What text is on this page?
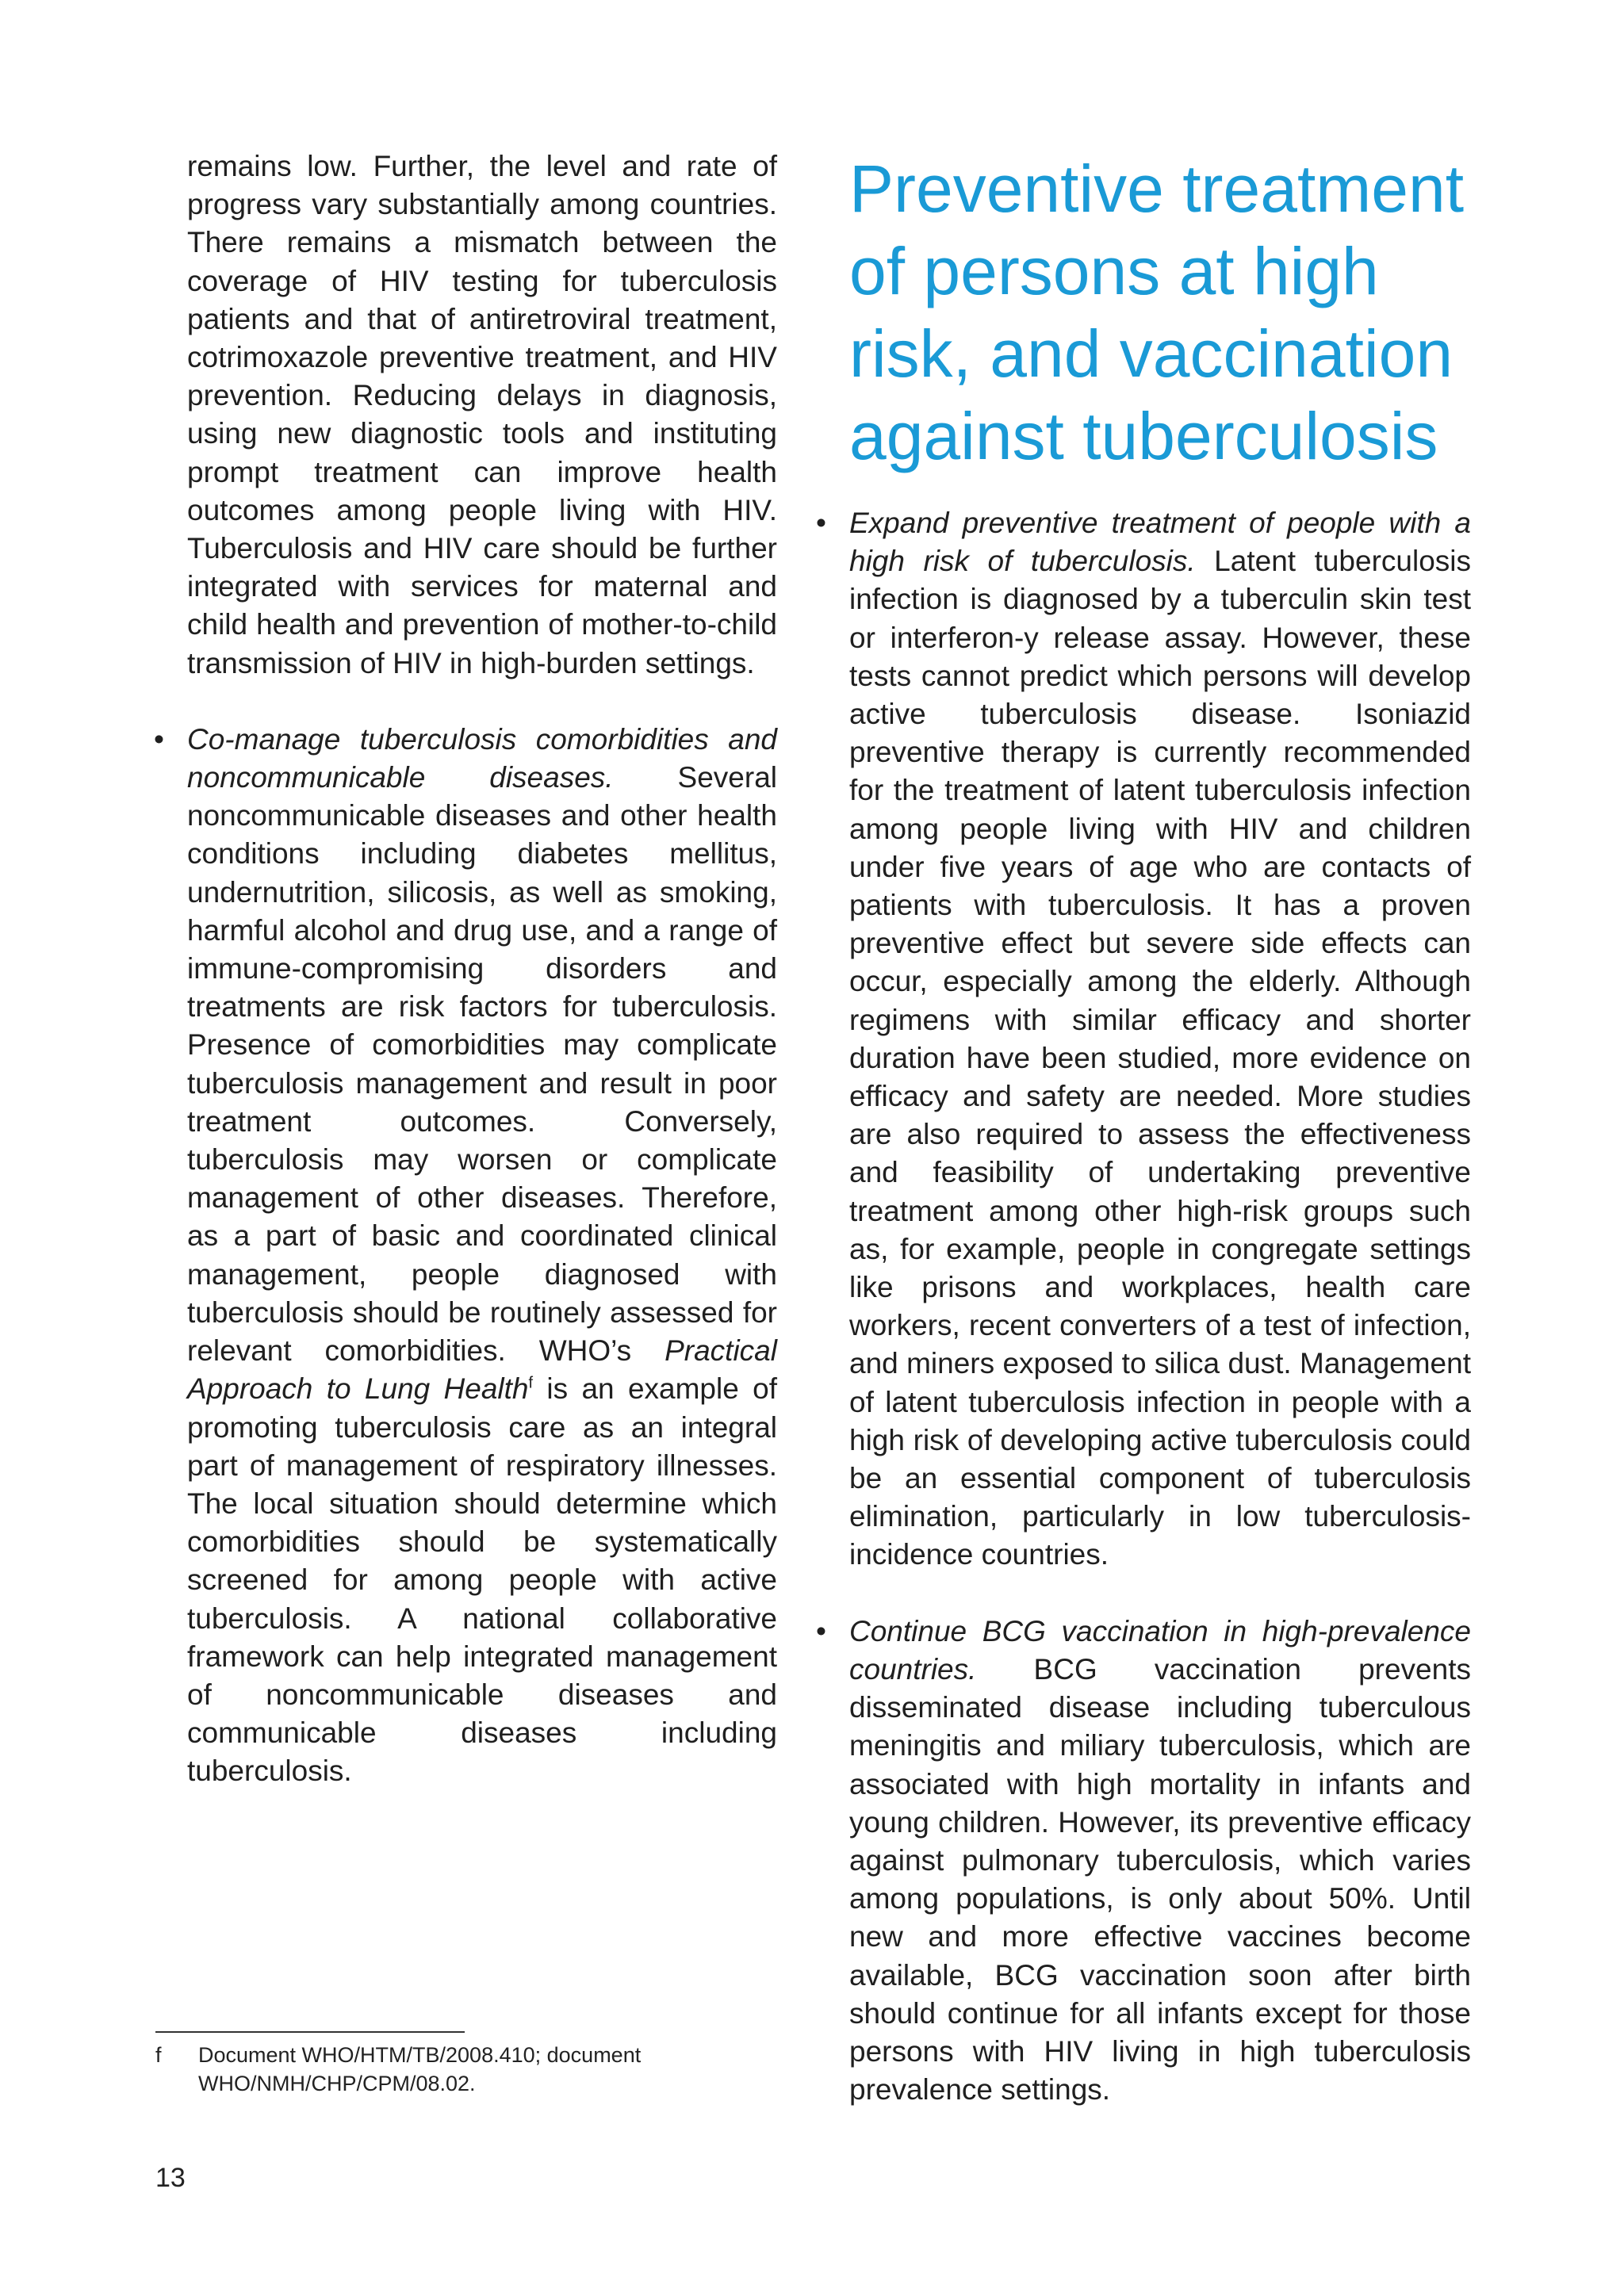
remains low. Further, the level and rate of progress vary substantially among countries. There remains a mismatch between the coverage of HIV testing for tuberculosis patients and that of antiretroviral treatment, cotrimoxazole preventive treatment, and HIV prevention. Reducing delays in diagnosis, using new diagnostic tools and instituting prompt treatment can improve health outcomes among people living with HIV. Tuberculosis and HIV care should be further integrated with services for maternal and child health and prevention of mother-to-child transmission of HIV in high-burden settings.

• Co-manage tuberculosis comorbidities and noncommunicable diseases. Several noncommunicable diseases and other health conditions including diabetes mellitus, undernutrition, silicosis, as well as smoking, harmful alcohol and drug use, and a range of immune-compromising disorders and treatments are risk factors for tuberculosis. Presence of comorbidities may complicate tuberculosis management and result in poor treatment outcomes. Conversely, tuberculosis may worsen or complicate management of other diseases. Therefore, as a part of basic and coordinated clinical management, people diagnosed with tuberculosis should be routinely assessed for relevant comorbidities. WHO’s Practical Approach to Lung Health$^f$ is an example of promoting tuberculosis care as an integral part of management of respiratory illnesses. The local situation should determine which comorbidities should be systematically screened for among people with active tuberculosis. A national collaborative framework can help integrated management of noncommunicable diseases and communicable diseases including tuberculosis.

Preventive treatment of persons at high risk, and vaccination against tuberculosis

• Expand preventive treatment of people with a high risk of tuberculosis. Latent tuberculosis infection is diagnosed by a tuberculin skin test or interferon-y release assay. However, these tests cannot predict which persons will develop active tuberculosis disease. Isoniazid preventive therapy is currently recommended for the treatment of latent tuberculosis infection among people living with HIV and children under five years of age who are contacts of patients with tuberculosis. It has a proven preventive effect but severe side effects can occur, especially among the elderly. Although regimens with similar efficacy and shorter duration have been studied, more evidence on efficacy and safety are needed. More studies are also required to assess the effectiveness and feasibility of undertaking preventive treatment among other high-risk groups such as, for example, people in congregate settings like prisons and workplaces, health care workers, recent converters of a test of infection, and miners exposed to silica dust. Management of latent tuberculosis infection in people with a high risk of developing active tuberculosis could be an essential component of tuberculosis elimination, particularly in low tuberculosis-incidence countries.

• Continue BCG vaccination in high-prevalence countries. BCG vaccination prevents disseminated disease including tuberculous meningitis and miliary tuberculosis, which are associated with high mortality in infants and young children. However, its preventive efficacy against pulmonary tuberculosis, which varies among populations, is only about 50%. Until new and more effective vaccines become available, BCG vaccination soon after birth should continue for all infants except for those persons with HIV living in high tuberculosis prevalence settings.

f Document WHO/HTM/TB/2008.410; document WHO/NMH/CHP/CPM/08.02.
13
